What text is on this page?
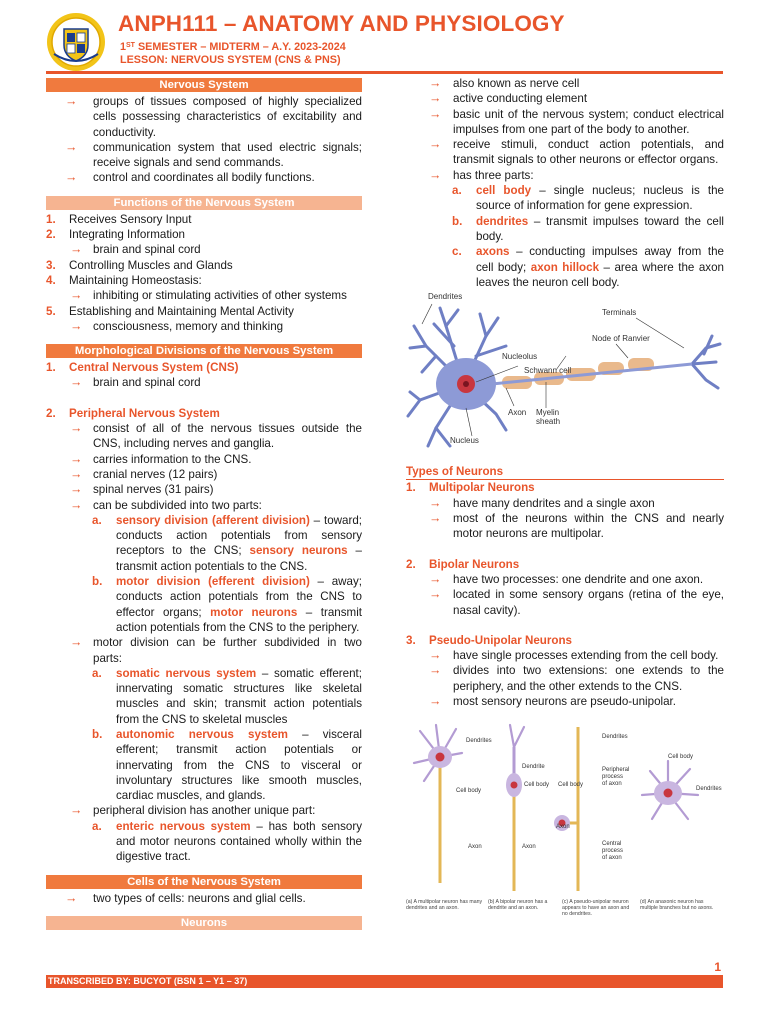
ANPH111 – ANATOMY AND PHYSIOLOGY
1ST SEMESTER – MIDTERM – A.Y. 2023-2024
LESSON: NERVOUS SYSTEM (CNS & PNS)
Nervous System
→ groups of tissues composed of highly specialized cells possessing characteristics of excitability and conductivity.
→ communication system that used electric signals; receive signals and send commands.
→ control and coordinates all bodily functions.
Functions of the Nervous System
1. Receives Sensory Input
2. Integrating Information
→ brain and spinal cord
3. Controlling Muscles and Glands
4. Maintaining Homeostasis:
→ inhibiting or stimulating activities of other systems
5. Establishing and Maintaining Mental Activity
→ consciousness, memory and thinking
Morphological Divisions of the Nervous System
1. Central Nervous System (CNS)
→ brain and spinal cord
2. Peripheral Nervous System
→ consist of all of the nervous tissues outside the CNS, including nerves and ganglia.
→ carries information to the CNS.
→ cranial nerves (12 pairs)
→ spinal nerves (31 pairs)
→ can be subdivided into two parts:
a. sensory division (afferent division) – toward; conducts action potentials from sensory receptors to the CNS; sensory neurons – transmit action potentials to the CNS.
b. motor division (efferent division) – away; conducts action potentials from the CNS to effector organs; motor neurons – transmit action potentials from the CNS to the periphery.
→ motor division can be further subdivided in two parts:
a. somatic nervous system – somatic efferent; innervating somatic structures like skeletal muscles and skin; transmit action potentials from the CNS to skeletal muscles
b. autonomic nervous system – visceral efferent; transmit action potentials or innervating from the CNS to visceral or involuntary structures like smooth muscles, cardiac muscles, and glands.
→ peripheral division has another unique part:
a. enteric nervous system – has both sensory and motor neurons contained wholly within the digestive tract.
Cells of the Nervous System
→ two types of cells: neurons and glial cells.
Neurons
→ also known as nerve cell
→ active conducting element
→ basic unit of the nervous system; conduct electrical impulses from one part of the body to another.
→ receive stimuli, conduct action potentials, and transmit signals to other neurons or effector organs.
→ has three parts:
a. cell body – single nucleus; nucleus is the source of information for gene expression.
b. dendrites – transmit impulses toward the cell body.
c. axons – conducting impulses away from the cell body; axon hillock – area where the axon leaves the neuron cell body.
Dendrites
Terminals
Node of Ranvier
Nucleolus
Schwann cell
Axon Myelin
sheath
Nucleus
Types of Neurons
1. Multipolar Neurons
→ have many dendrites and a single axon
→ most of the neurons within the CNS and nearly motor neurons are multipolar.
2. Bipolar Neurons
→ have two processes: one dendrite and one axon.
→ located in some sensory organs (retina of the eye, nasal cavity).
3. Pseudo-Unipolar Neurons
→ have single processes extending from the cell body.
→ divides into two extensions: one extends to the periphery, and the other extends to the CNS.
→ most sensory neurons are pseudo-unipolar.
Dendrites
Cell body
Axon
Dendrite
Cell body
Axon
Dendrites
Cell body
Peripheral
process
of axon
Axon
Central
process
of axon
Cell body
Dendrites
(a) A multipolar neuron has many dendrites and an axon.
(b) A bipolar neuron has a dendrite and an axon.
(c) A pseudo-unipolar neuron appears to have an axon and no dendrites.
(d) An anaxonic neuron has multiple branches but no axons.
1
TRANSCRIBED BY: BUCYOT (BSN 1 – Y1 – 37)
